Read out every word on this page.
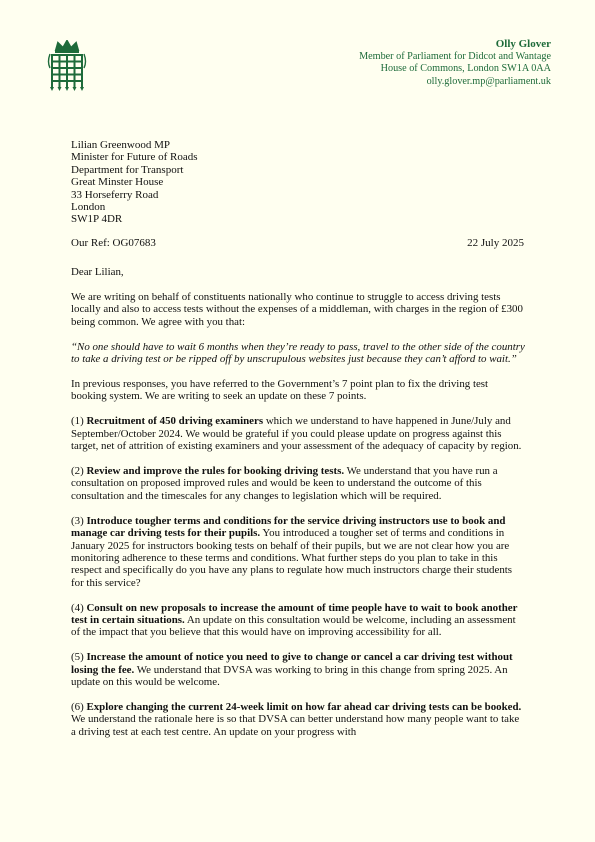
Olly Glover
Member of Parliament for Didcot and Wantage
House of Commons, London SW1A 0AA
olly.glover.mp@parliament.uk
Lilian Greenwood MP
Minister for Future of Roads
Department for Transport
Great Minster House
33 Horseferry Road
London
SW1P 4DR
Our Ref: OG07683	22 July 2025

Dear Lilian,

We are writing on behalf of constituents nationally who continue to struggle to access driving tests locally and also to access tests without the expenses of a middleman, with charges in the region of £300 being common. We agree with you that:

“No one should have to wait 6 months when they’re ready to pass, travel to the other side of the country to take a driving test or be ripped off by unscrupulous websites just because they can’t afford to wait.”

In previous responses, you have referred to the Government’s 7 point plan to fix the driving test booking system. We are writing to seek an update on these 7 points.

(1) Recruitment of 450 driving examiners which we understand to have happened in June/July and September/October 2024. We would be grateful if you could please update on progress against this target, net of attrition of existing examiners and your assessment of the adequacy of capacity by region.

(2) Review and improve the rules for booking driving tests. We understand that you have run a consultation on proposed improved rules and would be keen to understand the outcome of this consultation and the timescales for any changes to legislation which will be required.

(3) Introduce tougher terms and conditions for the service driving instructors use to book and manage car driving tests for their pupils. You introduced a tougher set of terms and conditions in January 2025 for instructors booking tests on behalf of their pupils, but we are not clear how you are monitoring adherence to these terms and conditions. What further steps do you plan to take in this respect and specifically do you have any plans to regulate how much instructors charge their students for this service?

(4) Consult on new proposals to increase the amount of time people have to wait to book another test in certain situations. An update on this consultation would be welcome, including an assessment of the impact that you believe that this would have on improving accessibility for all.

(5) Increase the amount of notice you need to give to change or cancel a car driving test without losing the fee. We understand that DVSA was working to bring in this change from spring 2025. An update on this would be welcome.

(6) Explore changing the current 24-week limit on how far ahead car driving tests can be booked. We understand the rationale here is so that DVSA can better understand how many people want to take a driving test at each test centre. An update on your progress with
